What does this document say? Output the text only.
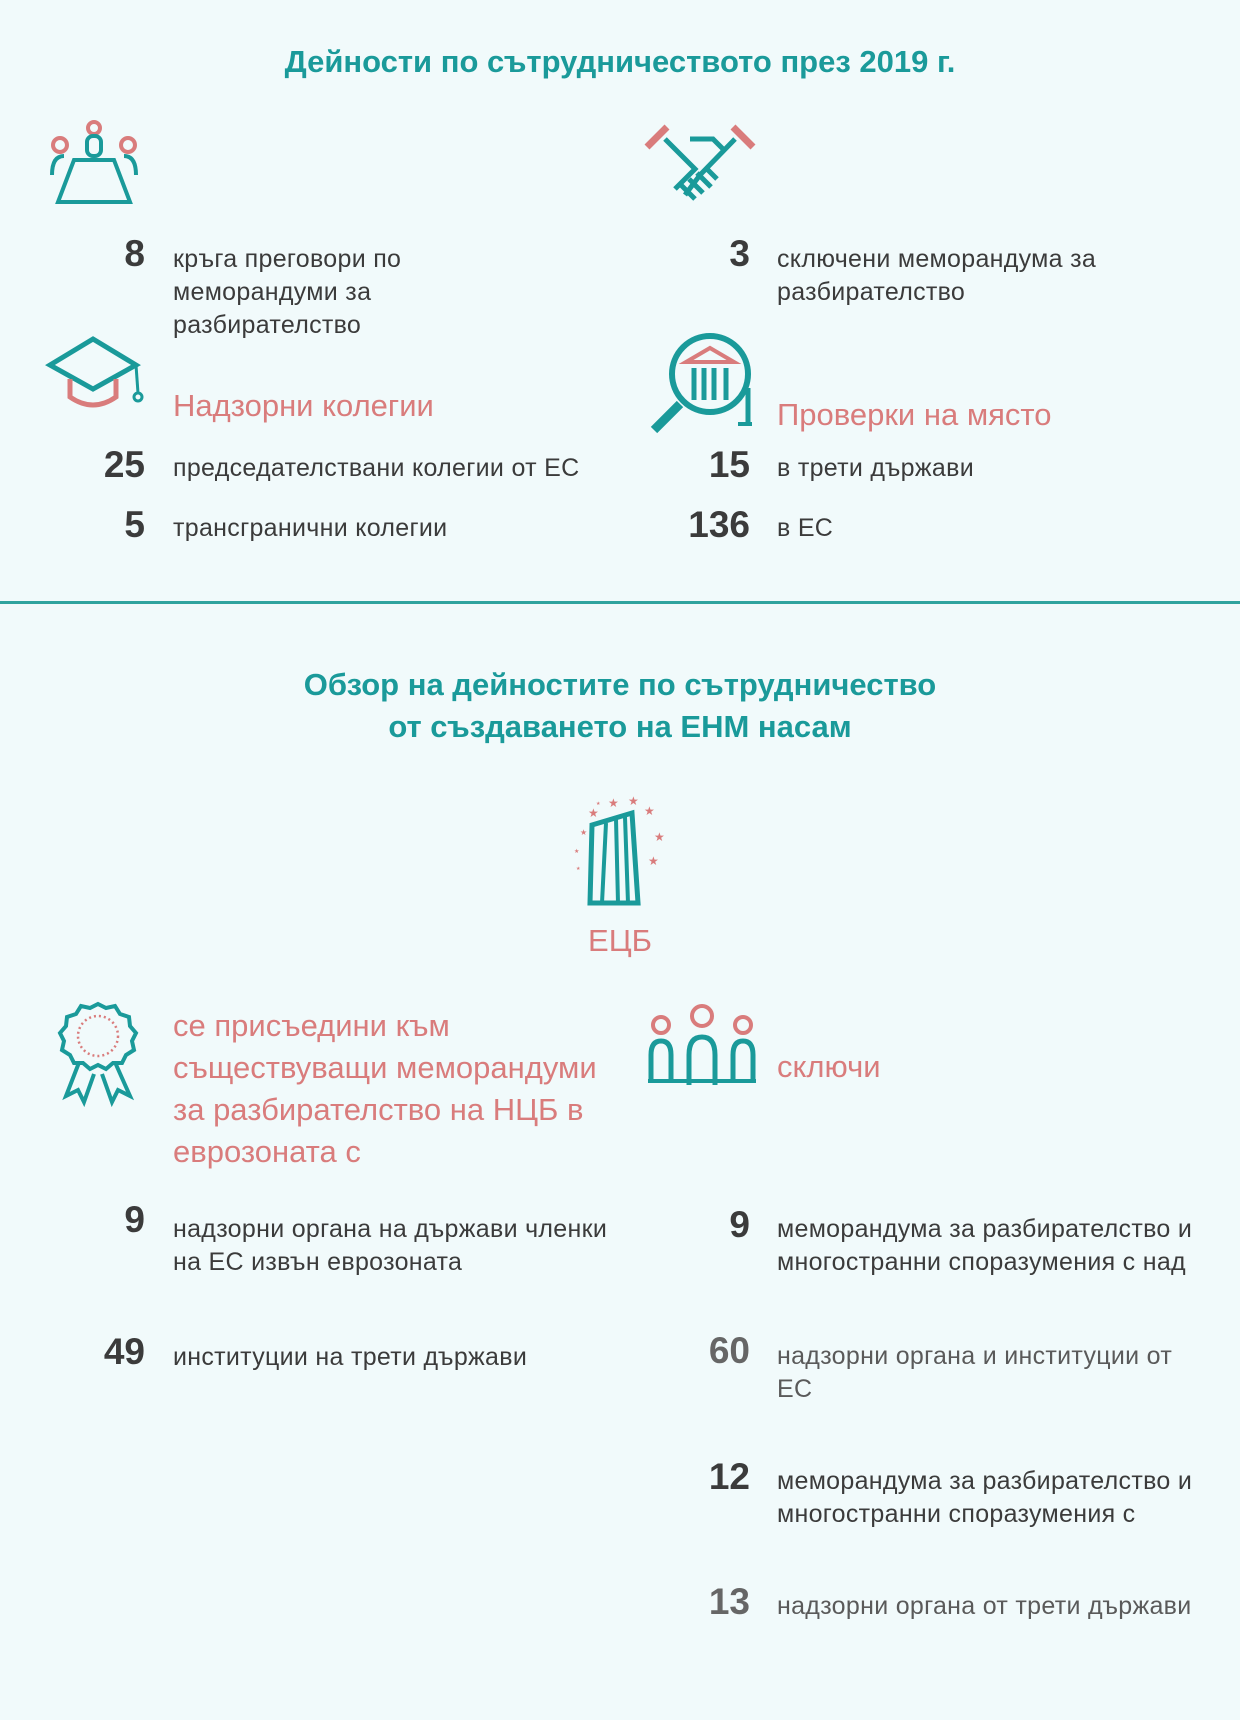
Дейности по сътрудничеството през 2019 г.
8 кръга преговори по меморандуми за разбирателство
3 сключени меморандума за разбирателство
Надзорни колегии	Проверки на място
25 председателствани колегии от ЕС
5 трансгранични колегии
15 в трети държави
136 в ЕС
Обзор на дейностите по сътрудничество
от създаването на ЕНМ насам
★
★ ★
★
★
★
★
★
★
★
ЕЦБ
се присъедини към съществуващи меморандуми за разбирателство на НЦБ в еврозоната с
сключи
9 надзорни органа на държави членки на ЕС извън еврозоната
49 институции на трети държави
9 меморандума за разбирателство и многостранни споразумения с над
60 надзорни органа и институции от ЕС
12 меморандума за разбирателство и многостранни споразумения с
13 надзорни органа от трети държави
